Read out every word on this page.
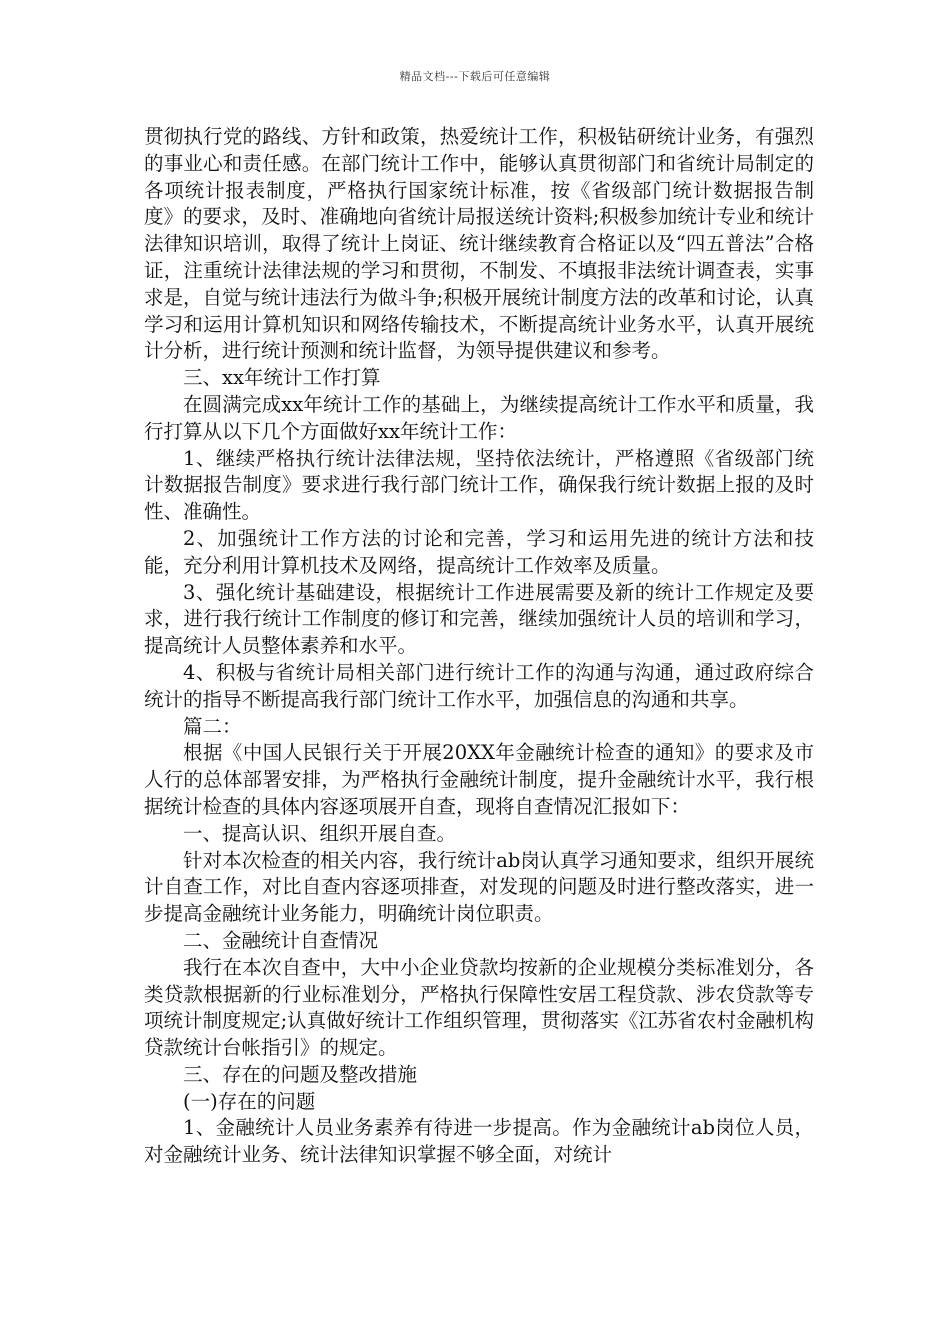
精品文档---下载后可任意编辑

贯彻执行党的路线、方针和政策，热爱统计工作，积极钻研统计业务，有强烈的事业心和责任感。在部门统计工作中，能够认真贯彻部门和省统计局制定的各项统计报表制度，严格执行国家统计标准，按《省级部门统计数据报告制度》的要求，及时、准确地向省统计局报送统计资料;积极参加统计专业和统计法律知识培训，取得了统计上岗证、统计继续教育合格证以及“四五普法”合格证，注重统计法律法规的学习和贯彻，不制发、不填报非法统计调查表，实事求是，自觉与统计违法行为做斗争;积极开展统计制度方法的改革和讨论，认真学习和运用计算机知识和网络传输技术，不断提高统计业务水平，认真开展统计分析，进行统计预测和统计监督，为领导提供建议和参考。

三、xx年统计工作打算

在圆满完成xx年统计工作的基础上，为继续提高统计工作水平和质量，我行打算从以下几个方面做好xx年统计工作：

1、继续严格执行统计法律法规，坚持依法统计，严格遵照《省级部门统计数据报告制度》要求进行我行部门统计工作，确保我行统计数据上报的及时性、准确性。

2、加强统计工作方法的讨论和完善，学习和运用先进的统计方法和技能，充分利用计算机技术及网络，提高统计工作效率及质量。

3、强化统计基础建设，根据统计工作进展需要及新的统计工作规定及要求，进行我行统计工作制度的修订和完善，继续加强统计人员的培训和学习，提高统计人员整体素养和水平。

4、积极与省统计局相关部门进行统计工作的沟通与沟通，通过政府综合统计的指导不断提高我行部门统计工作水平，加强信息的沟通和共享。

篇二：

根据《中国人民银行关于开展20XX年金融统计检查的通知》的要求及市人行的总体部署安排，为严格执行金融统计制度，提升金融统计水平，我行根据统计检查的具体内容逐项展开自查，现将自查情况汇报如下：

一、提高认识、组织开展自查。

针对本次检查的相关内容，我行统计ab岗认真学习通知要求，组织开展统计自查工作，对比自查内容逐项排查，对发现的问题及时进行整改落实，进一步提高金融统计业务能力，明确统计岗位职责。

二、金融统计自查情况

我行在本次自查中，大中小企业贷款均按新的企业规模分类标准划分，各类贷款根据新的行业标准划分，严格执行保障性安居工程贷款、涉农贷款等专项统计制度规定;认真做好统计工作组织管理，贯彻落实《江苏省农村金融机构贷款统计台帐指引》的规定。

三、存在的问题及整改措施

(一)存在的问题

1、金融统计人员业务素养有待进一步提高。作为金融统计ab岗位人员，对金融统计业务、统计法律知识掌握不够全面，对统计
